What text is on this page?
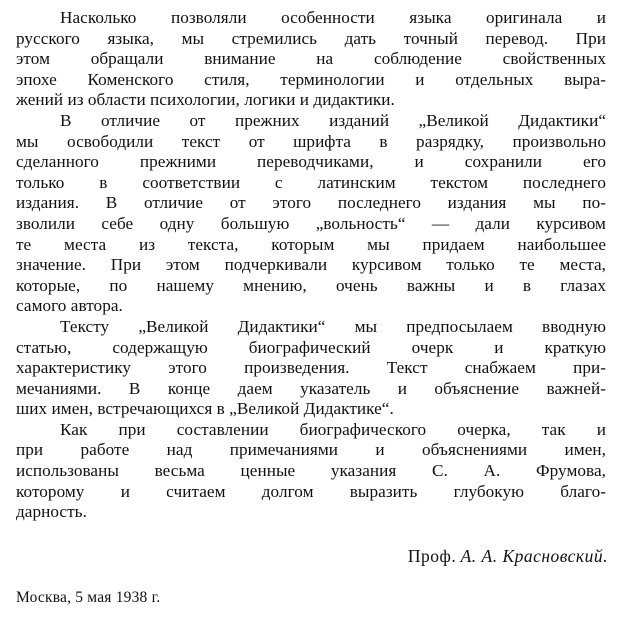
Насколько позволяли особенности языка оригинала и
русского языка, мы стремились дать точный перевод. При
этом обращали внимание на соблюдение свойственных
эпохе Коменского стиля, терминологии и отдельных выра-
жений из области психологии, логики и дидактики.
В отличие от прежних изданий „Великой Дидактики“
мы освободили текст от шрифта в разрядку, произвольно
сделанного прежними переводчиками, и сохранили его
только в соответствии с латинским текстом последнего
издания. В отличие от этого последнего издания мы по-
зволили себе одну большую „вольность“ — дали курсивом
те места из текста, которым мы придаем наибольшее
значение. При этом подчеркивали курсивом только те места,
которые, по нашему мнению, очень важны и в глазах
самого автора.
Тексту „Великой Дидактики“ мы предпосылаем вводную
статью, содержащую биографический очерк и краткую
характеристику этого произведения. Текст снабжаем при-
мечаниями. В конце даем указатель и объяснение важней-
ших имен, встречающихся в „Великой Дидактике“.
Как при составлении биографического очерка, так и
при работе над примечаниями и объяснениями имен,
использованы весьма ценные указания С. А. Фрумова,
которому и считаем долгом выразить глубокую благо-
дарность.
Проф. А. А. Красновский.
Москва, 5 мая 1938 г.
